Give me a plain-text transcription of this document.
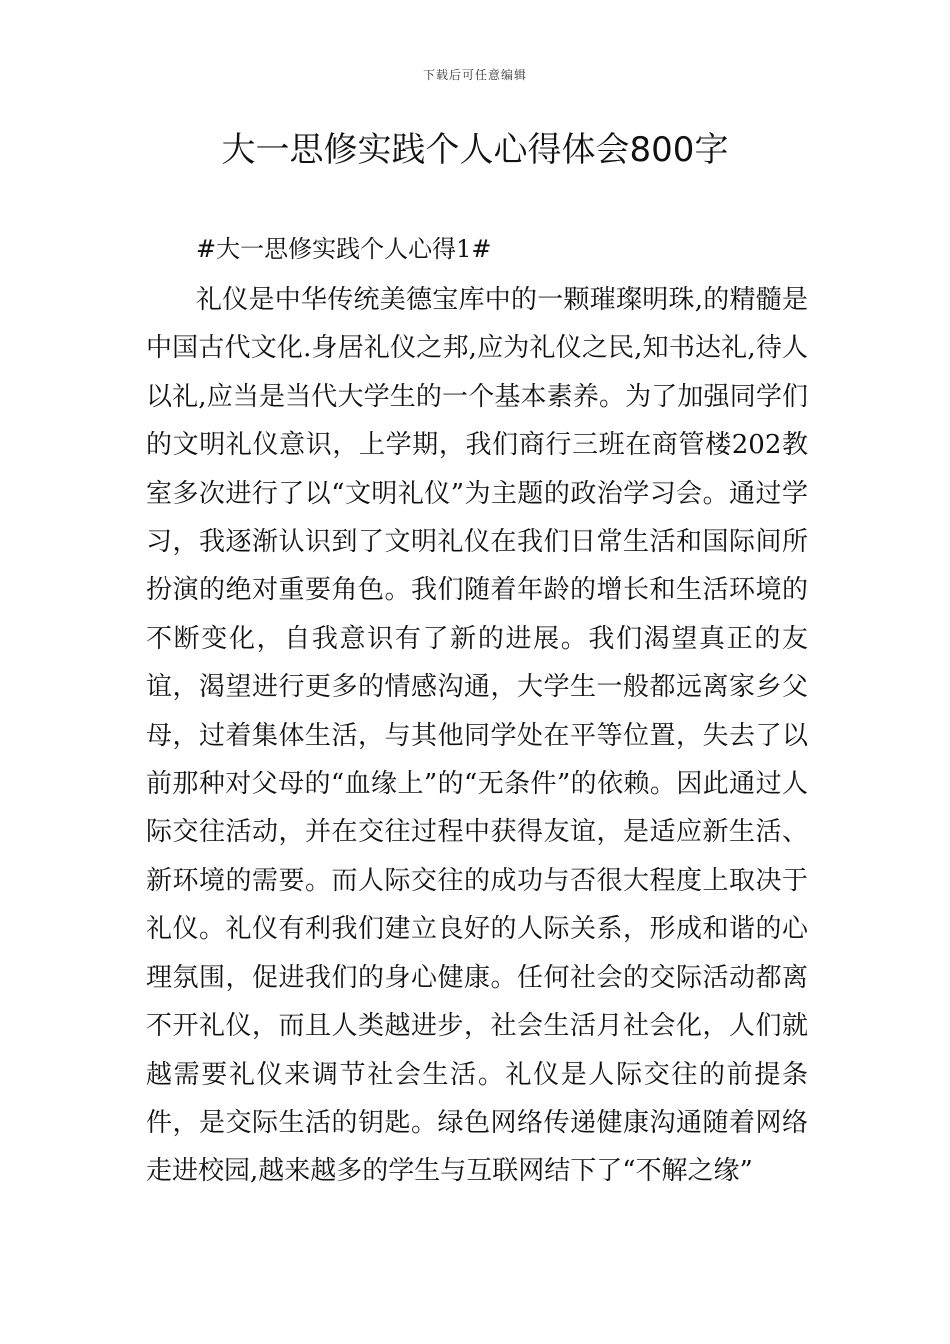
下载后可任意编辑
大一思修实践个人心得体会800字
#大一思修实践个人心得1#

礼仪是中华传统美德宝库中的一颗璀璨明珠,的精髓是中国古代文化.身居礼仪之邦,应为礼仪之民,知书达礼,待人以礼,应当是当代大学生的一个基本素养。为了加强同学们的文明礼仪意识，上学期，我们商行三班在商管楼202教室多次进行了以“文明礼仪”为主题的政治学习会。通过学习，我逐渐认识到了文明礼仪在我们日常生活和国际间所扮演的绝对重要角色。我们随着年龄的增长和生活环境的不断变化，自我意识有了新的进展。我们渴望真正的友谊，渴望进行更多的情感沟通，大学生一般都远离家乡父母，过着集体生活，与其他同学处在平等位置，失去了以前那种对父母的“血缘上”的“无条件”的依赖。因此通过人际交往活动，并在交往过程中获得友谊，是适应新生活、新环境的需要。而人际交往的成功与否很大程度上取决于礼仪。礼仪有利我们建立良好的人际关系，形成和谐的心理氛围，促进我们的身心健康。任何社会的交际活动都离不开礼仪，而且人类越进步，社会生活月社会化，人们就越需要礼仪来调节社会生活。礼仪是人际交往的前提条件，是交际生活的钥匙。绿色网络传递健康沟通随着网络走进校园,越来越多的学生与互联网结下了“不解之缘”
